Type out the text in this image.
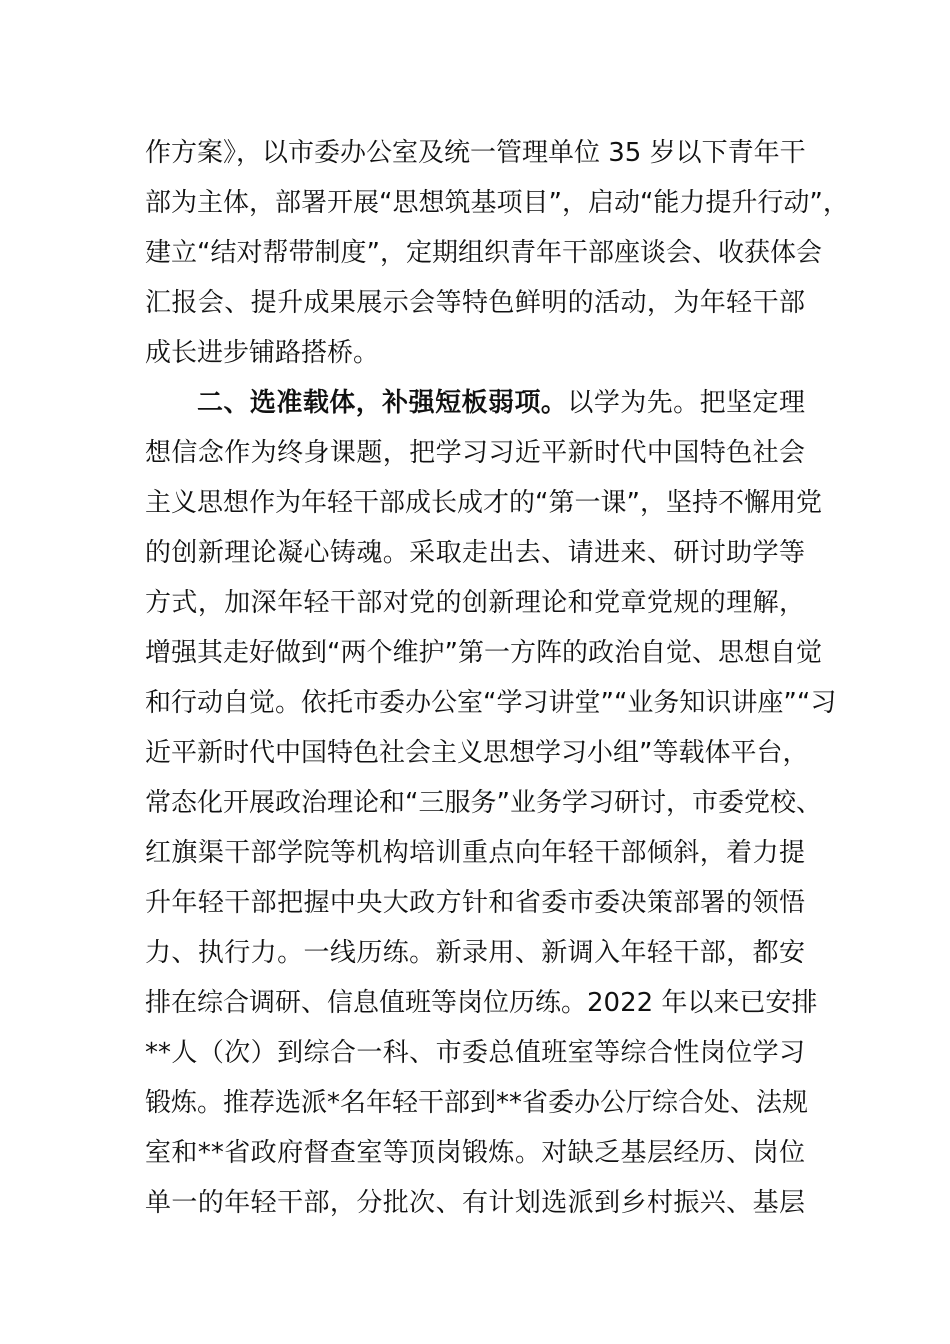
作方案》，以市委办公室及统一管理单位 35 岁以下青年干
部为主体，部署开展“思想筑基项目”，启动“能力提升行动”，
建立“结对帮带制度”，定期组织青年干部座谈会、收获体会
汇报会、提升成果展示会等特色鲜明的活动，为年轻干部
成长进步铺路搭桥。
二、选准载体，补强短板弱项。以学为先。把坚定理
想信念作为终身课题，把学习习近平新时代中国特色社会
主义思想作为年轻干部成长成才的“第一课”，坚持不懈用党
的创新理论凝心铸魂。采取走出去、请进来、研讨助学等
方式，加深年轻干部对党的创新理论和党章党规的理解，
增强其走好做到“两个维护”第一方阵的政治自觉、思想自觉
和行动自觉。依托市委办公室“学习讲堂”“业务知识讲座”“习
近平新时代中国特色社会主义思想学习小组”等载体平台，
常态化开展政治理论和“三服务”业务学习研讨，市委党校、
红旗渠干部学院等机构培训重点向年轻干部倾斜，着力提
升年轻干部把握中央大政方针和省委市委决策部署的领悟
力、执行力。一线历练。新录用、新调入年轻干部，都安
排在综合调研、信息值班等岗位历练。2022 年以来已安排
**人（次）到综合一科、市委总值班室等综合性岗位学习
锻炼。推荐选派*名年轻干部到**省委办公厅综合处、法规
室和**省政府督查室等顶岗锻炼。对缺乏基层经历、岗位
单一的年轻干部，分批次、有计划选派到乡村振兴、基层
